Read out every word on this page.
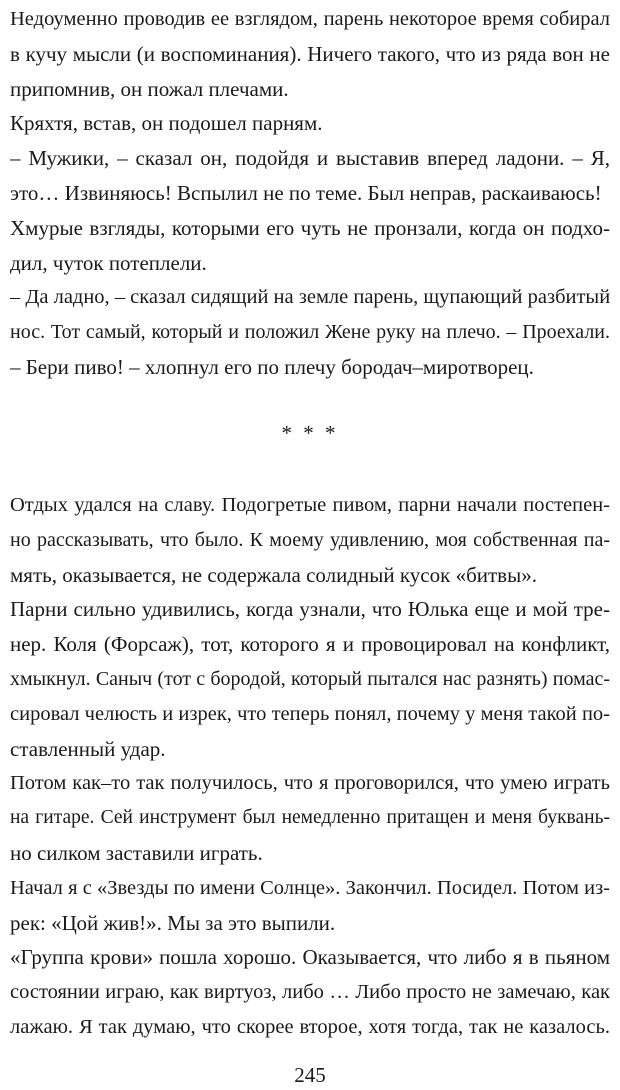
Недоуменно проводив ее взглядом, парень некоторое время собирал
в кучу мысли (и воспоминания). Ничего такого, что из ряда вон не
припомнив, он пожал плечами.
Кряхтя, встав, он подошел парням.
– Мужики, – сказал он, подойдя и выставив вперед ладони. – Я,
это… Извиняюсь! Вспылил не по теме. Был неправ, раскаиваюсь!
Хмурые взгляды, которыми его чуть не пронзали, когда он подхо-
дил, чуток потеплели.
– Да ладно, – сказал сидящий на земле парень, щупающий разбитый
нос. Тот самый, который и положил Жене руку на плечо. – Проехали.
– Бери пиво! – хлопнул его по плечу бородач–миротворец.
* * *
Отдых удался на славу. Подогретые пивом, парни начали постепен-
но рассказывать, что было. К моему удивлению, моя собственная па-
мять, оказывается, не содержала солидный кусок «битвы».
Парни сильно удивились, когда узнали, что Юлька еще и мой тре-
нер. Коля (Форсаж), тот, которого я и провоцировал на конфликт,
хмыкнул. Саныч (тот с бородой, который пытался нас разнять) помас-
сировал челюсть и изрек, что теперь понял, почему у меня такой по-
ставленный удар.
Потом как–то так получилось, что я проговорился, что умею играть
на гитаре. Сей инструмент был немедленно притащен и меня буквань-
но силком заставили играть.
Начал я с «Звезды по имени Солнце». Закончил. Посидел. Потом из-
рек: «Цой жив!». Мы за это выпили.
«Группа крови» пошла хорошо. Оказывается, что либо я в пьяном
состоянии играю, как виртуоз, либо … Либо просто не замечаю, как
лажаю. Я так думаю, что скорее второе, хотя тогда, так не казалось.
245
